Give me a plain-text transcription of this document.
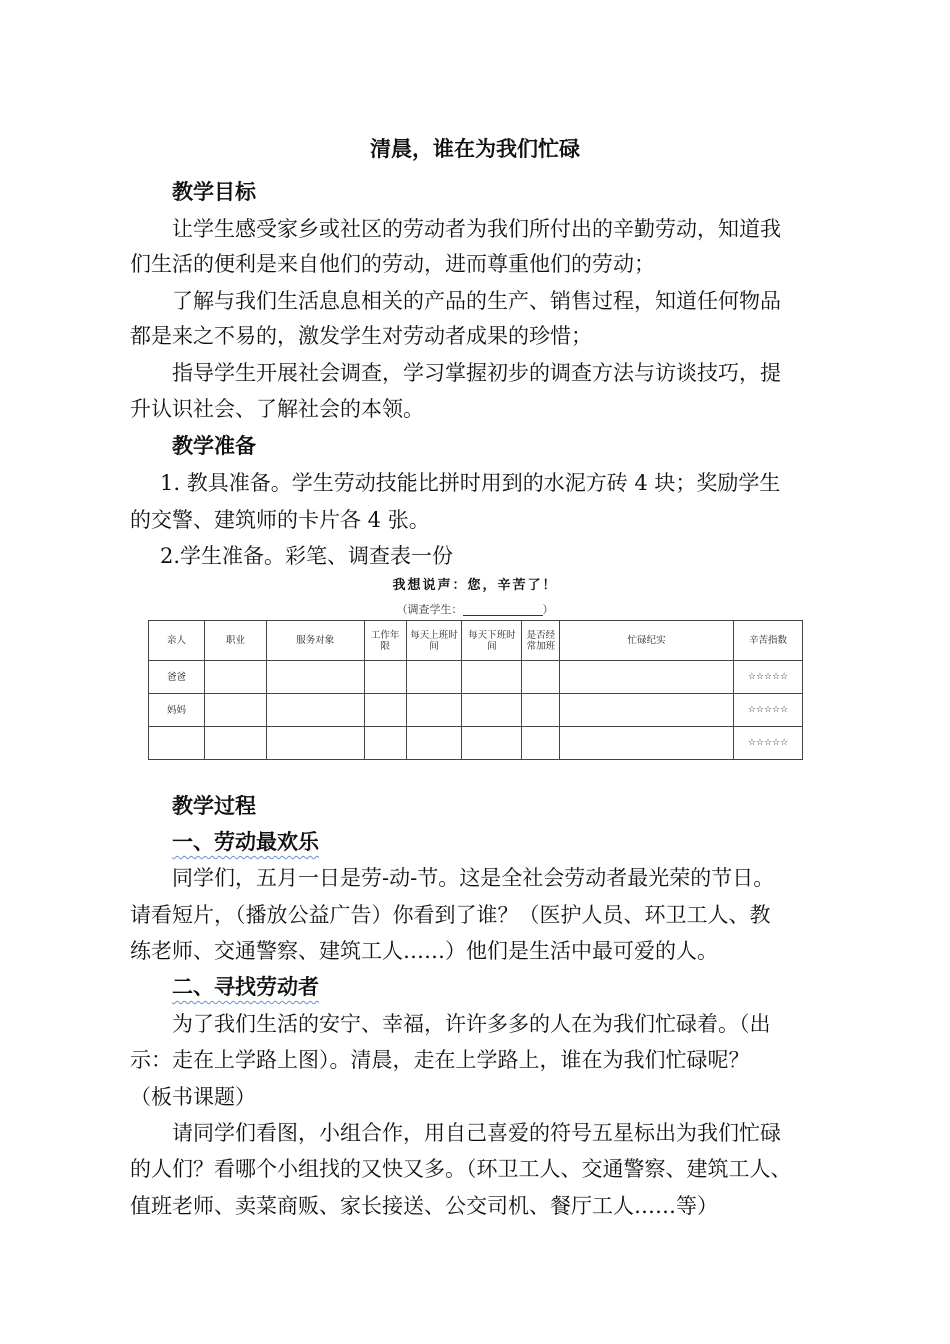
清晨，谁在为我们忙碌
教学目标
让学生感受家乡或社区的劳动者为我们所付出的辛勤劳动，知道我
们生活的便利是来自他们的劳动，进而尊重他们的劳动；
了解与我们生活息息相关的产品的生产、销售过程，知道任何物品
都是来之不易的，激发学生对劳动者成果的珍惜；
指导学生开展社会调查，学习掌握初步的调查方法与访谈技巧，提
升认识社会、了解社会的本领。
教学准备
1. 教具准备。学生劳动技能比拼时用到的水泥方砖 4 块；奖励学生
的交警、建筑师的卡片各 4 张。
2.学生准备。彩笔、调查表一份
我想说声：您，辛苦了！
（调查学生：	）
亲人	职业	服务对象	工作年限	每天上班时间	每天下班时间	是否经常加班	忙碌纪实	辛苦指数
爸爸								☆☆☆☆☆
妈妈								☆☆☆☆☆
								☆☆☆☆☆
教学过程
一、劳动最欢乐
同学们，五月一日是劳-动-节。这是全社会劳动者最光荣的节日。
请看短片，（播放公益广告）你看到了谁？（医护人员、环卫工人、教
练老师、交通警察、建筑工人……）他们是生活中最可爱的人。
二、寻找劳动者
为了我们生活的安宁、幸福，许许多多的人在为我们忙碌着。（出
示：走在上学路上图）。清晨，走在上学路上，谁在为我们忙碌呢？
（板书课题）
请同学们看图，小组合作，用自己喜爱的符号五星标出为我们忙碌
的人们？看哪个小组找的又快又多。（环卫工人、交通警察、建筑工人、
值班老师、卖菜商贩、家长接送、公交司机、餐厅工人……等）
